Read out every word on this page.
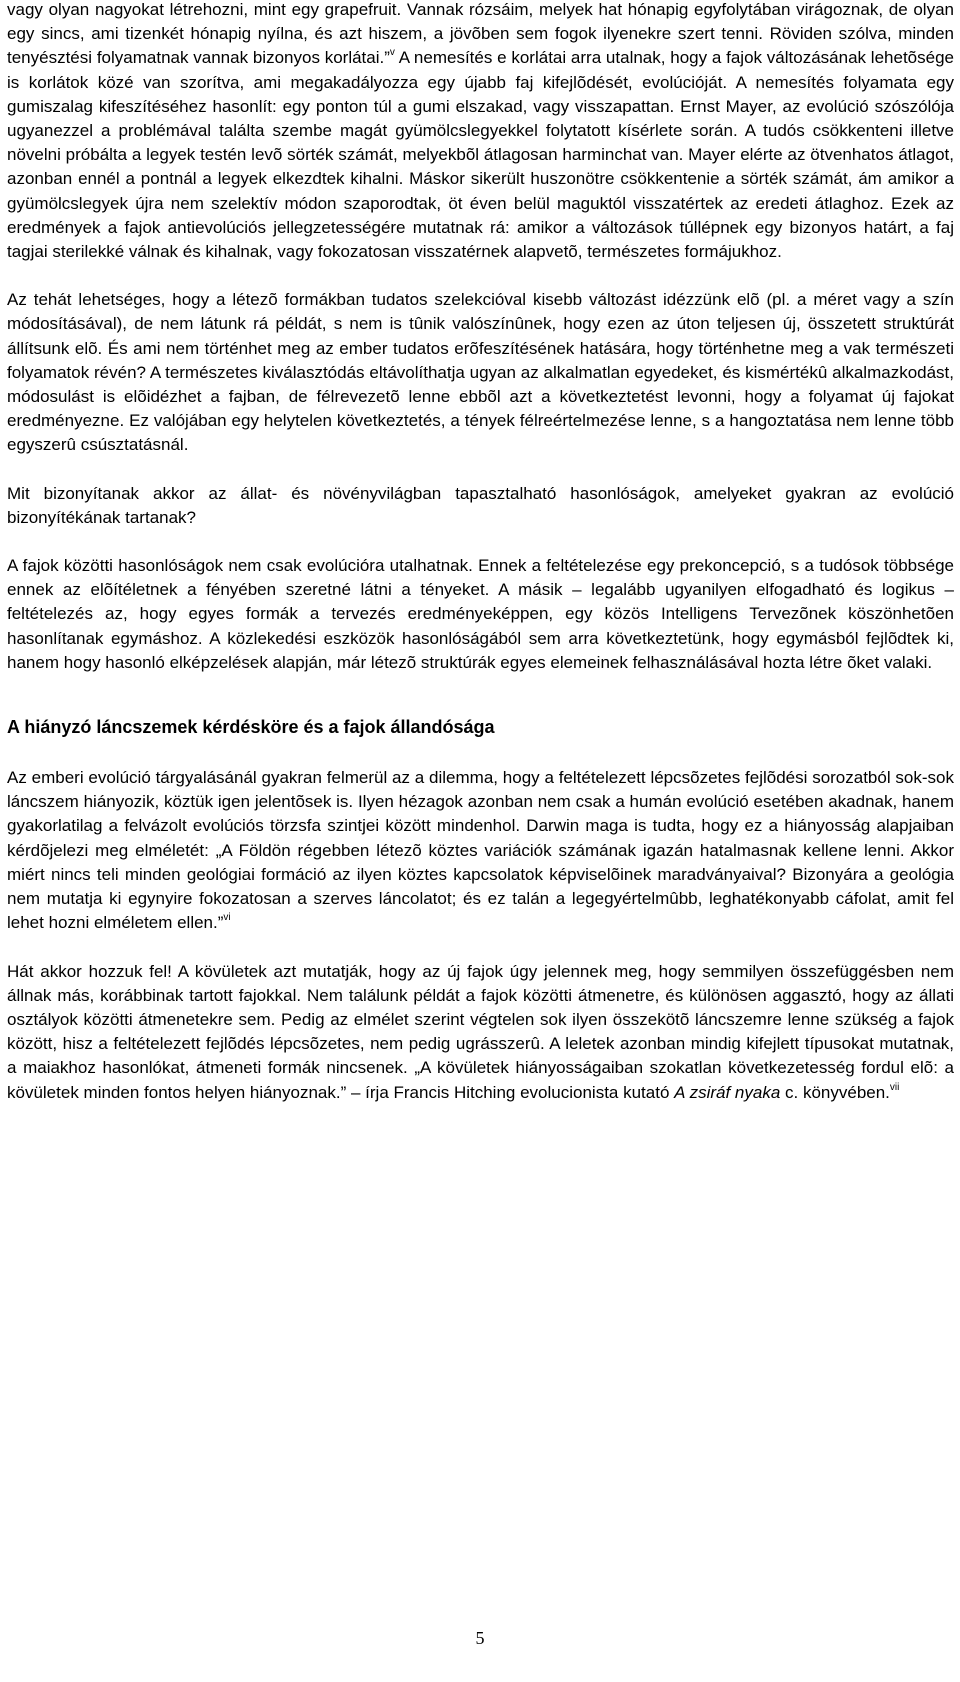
vagy olyan nagyokat létrehozni, mint egy grapefruit. Vannak rózsáim, melyek hat hónapig egyfolytában virágoznak, de olyan egy sincs, ami tizenkét hónapig nyílna, és azt hiszem, a jövõben sem fogok ilyenekre szert tenni. Röviden szólva, minden tenyésztési folyamatnak vannak bizonyos korlátai.”$^v$ A nemesítés e korlátai arra utalnak, hogy a fajok változásának lehetõsége is korlátok közé van szorítva, ami megakadályozza egy újabb faj kifejlõdését, evolúcióját. A nemesítés folyamata egy gumiszalag kifeszítéséhez hasonlít: egy ponton túl a gumi elszakad, vagy visszapattan. Ernst Mayer, az evolúció szószólója ugyanezzel a problémával találta szembe magát gyümölcslegyekkel folytatott kísérlete során. A tudós csökkenteni illetve növelni próbálta a legyek testén levõ sörték számát, melyekbõl átlagosan harminchat van. Mayer elérte az ötvenhatos átlagot, azonban ennél a pontnál a legyek elkezdtek kihalni. Máskor sikerült huszonötre csökkentenie a sörték számát, ám amikor a gyümölcslegyek újra nem szelektív módon szaporodtak, öt éven belül maguktól visszatértek az eredeti átlaghoz. Ezek az eredmények a fajok antievolúciós jellegzetességére mutatnak rá: amikor a változások túllépnek egy bizonyos határt, a faj tagjai sterilekké válnak és kihalnak, vagy fokozatosan visszatérnek alapvetõ, természetes formájukhoz.

Az tehát lehetséges, hogy a létezõ formákban tudatos szelekcióval kisebb változást idézzünk elõ (pl. a méret vagy a szín módosításával), de nem látunk rá példát, s nem is tûnik valószínûnek, hogy ezen az úton teljesen új, összetett struktúrát állítsunk elõ. És ami nem történhet meg az ember tudatos erõfeszítésének hatására, hogy történhetne meg a vak természeti folyamatok révén? A természetes kiválasztódás eltávolíthatja ugyan az alkalmatlan egyedeket, és kismértékû alkalmazkodást, módosulást is elõidézhet a fajban, de félrevezetõ lenne ebbõl azt a következtetést levonni, hogy a folyamat új fajokat eredményezne. Ez valójában egy helytelen következtetés, a tények félreértelmezése lenne, s a hangoztatása nem lenne több egyszerû csúsztatásnál.

Mit bizonyítanak akkor az állat- és növényvilágban tapasztalható hasonlóságok, amelyeket gyakran az evolúció bizonyítékának tartanak?

A fajok közötti hasonlóságok nem csak evolúcióra utalhatnak. Ennek a feltételezése egy prekoncepció, s a tudósok többsége ennek az elõítéletnek a fényében szeretné látni a tényeket. A másik – legalább ugyanilyen elfogadható és logikus – feltételezés az, hogy egyes formák a tervezés eredményeképpen, egy közös Intelligens Tervezõnek köszönhetõen hasonlítanak egymáshoz. A közlekedési eszközök hasonlóságából sem arra következtetünk, hogy egymásból fejlõdtek ki, hanem hogy hasonló elképzelések alapján, már létezõ struktúrák egyes elemeinek felhasználásával hozta létre õket valaki.

A hiányzó láncszemek kérdésköre és a fajok állandósága

Az emberi evolúció tárgyalásánál gyakran felmerül az a dilemma, hogy a feltételezett lépcsõzetes fejlõdési sorozatból sok-sok láncszem hiányozik, köztük igen jelentõsek is. Ilyen hézagok azonban nem csak a humán evolúció esetében akadnak, hanem gyakorlatilag a felvázolt evolúciós törzsfa szintjei között mindenhol. Darwin maga is tudta, hogy ez a hiányosság alapjaiban kérdõjelezi meg elméletét: „A Földön régebben létezõ köztes variációk számának igazán hatalmasnak kellene lenni. Akkor miért nincs teli minden geológiai formáció az ilyen köztes kapcsolatok képviselõinek maradványaival? Bizonyára a geológia nem mutatja ki egynyire fokozatosan a szerves láncolatot; és ez talán a legegyértelmûbb, leghatékonyabb cáfolat, amit fel lehet hozni elméletem ellen.”$^{vi}$

Hát akkor hozzuk fel! A kövületek azt mutatják, hogy az új fajok úgy jelennek meg, hogy semmilyen összefüggésben nem állnak más, korábbinak tartott fajokkal. Nem találunk példát a fajok közötti átmenetre, és különösen aggasztó, hogy az állati osztályok közötti átmenetekre sem. Pedig az elmélet szerint végtelen sok ilyen összekötõ láncszemre lenne szükség a fajok között, hisz a feltételezett fejlõdés lépcsõzetes, nem pedig ugrásszerû. A leletek azonban mindig kifejlett típusokat mutatnak, a maiakhoz hasonlókat, átmeneti formák nincsenek. „A kövületek hiányosságaiban szokatlan következetesség fordul elõ: a kövületek minden fontos helyen hiányoznak.” – írja Francis Hitching evolucionista kutató A zsiráf nyaka c. könyvében.$^{vii}$

5
